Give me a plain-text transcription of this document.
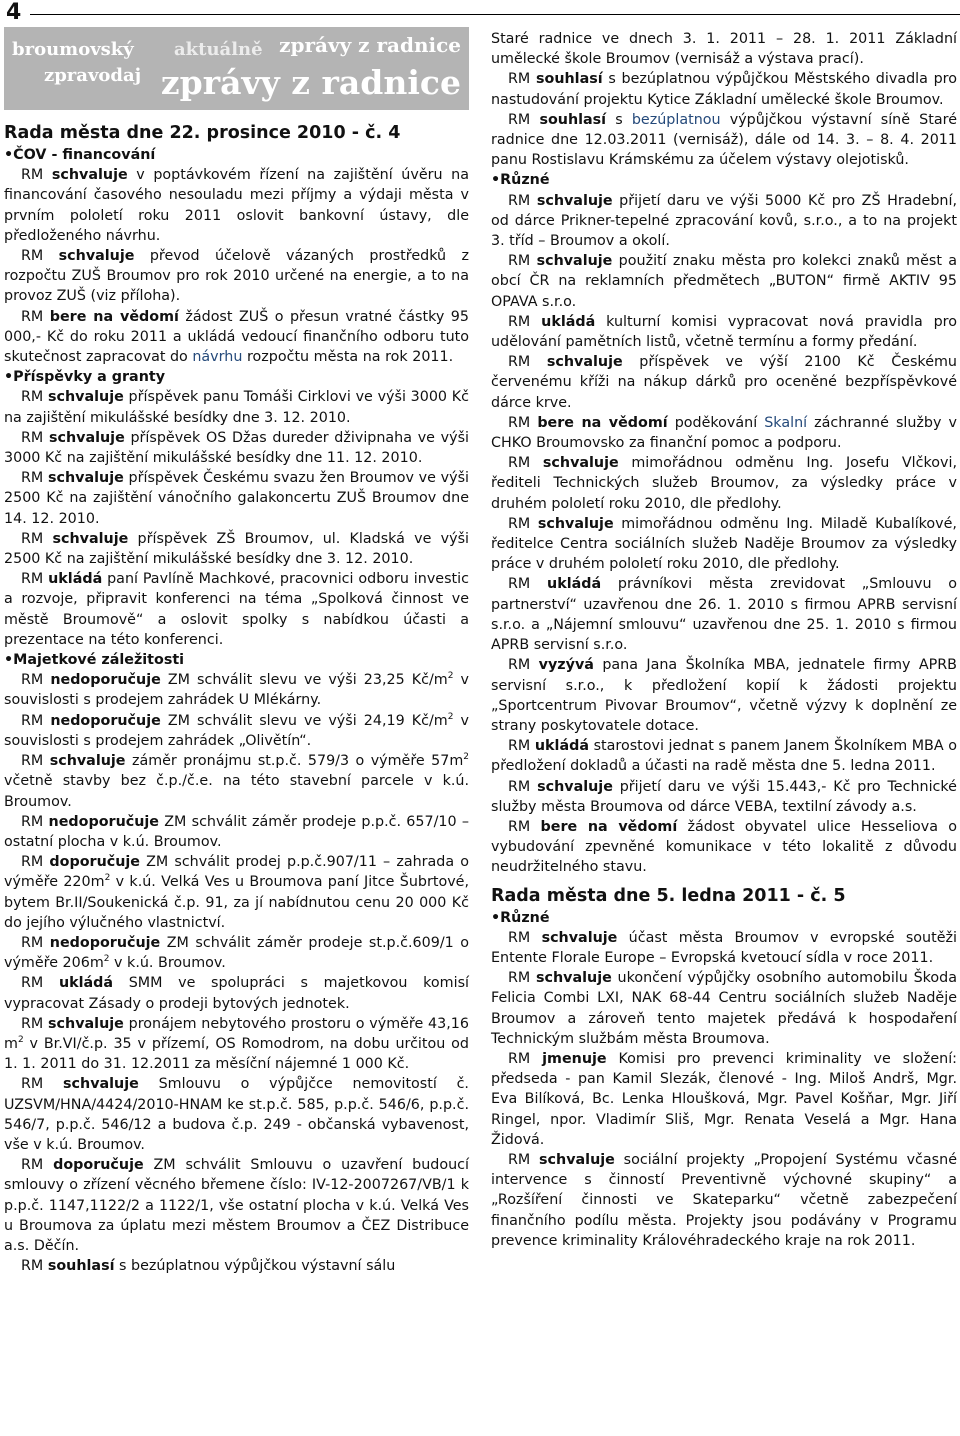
4
broumovský
zpravodaj
aktuálně zprávy z radnice
zprávy z radnice
Rada města dne 22. prosince 2010 - č. 4
•ČOV - financování

RM schvaluje v poptávkovém řízení na zajištění úvěru na financování časového nesouladu mezi příjmy a výdaji města v prvním pololetí roku 2011 oslovit bankovní ústavy, dle předloženého návrhu.

RM schvaluje převod účelově vázaných prostředků z rozpočtu ZUŠ Broumov pro rok 2010 určené na energie, a to na provoz ZUŠ (viz příloha).

RM bere na vědomí žádost ZUŠ o přesun vratné částky 95 000,- Kč do roku 2011 a ukládá vedoucí finančního odboru tuto skutečnost zapracovat do návrhu rozpočtu města na rok 2011.

•Příspěvky a granty

RM schvaluje příspěvek panu Tomáši Cirklovi ve výši 3000 Kč na zajištění mikulášské besídky dne 3. 12. 2010.

RM schvaluje příspěvek OS Džas dureder dživipnaha ve výši 3000 Kč na zajištění mikulášské besídky dne 11. 12. 2010.

RM schvaluje příspěvek Českému svazu žen Broumov ve výši 2500 Kč na zajištění vánočního galakoncertu ZUŠ Broumov dne 14. 12. 2010.

RM schvaluje příspěvek ZŠ Broumov, ul. Kladská ve výši 2500 Kč na zajištění mikulášské besídky dne 3. 12. 2010.

RM ukládá paní Pavlíně Machkové, pracovnici odboru investic a rozvoje, připravit konferenci na téma „Spolková činnost ve městě Broumově“ a oslovit spolky s nabídkou účasti a prezentace na této konferenci.

•Majetkové záležitosti

RM nedoporučuje ZM schválit slevu ve výši 23,25 $Kč/m^2$ v souvislosti s prodejem zahrádek U Mlékárny.

RM nedoporučuje ZM schválit slevu ve výši 24,19 $Kč/m^2$ v souvislosti s prodejem zahrádek „Olivětín“.

RM schvaluje záměr pronájmu st.p.č. 579/3 o výměře $57m^2$ včetně stavby bez č.p./č.e. na této stavební parcele v k.ú. Broumov.

RM nedoporučuje ZM schválit záměr prodeje p.p.č. 657/10 – ostatní plocha v k.ú. Broumov.

RM doporučuje ZM schválit prodej p.p.č.907/11 – zahrada o výměře $220m^2$ v k.ú. Velká Ves u Broumova paní Jitce Šubrtové, bytem Br.II/Soukenická č.p. 91, za jí nabídnutou cenu 20 000 Kč do jejího výlučného vlastnictví.

RM nedoporučuje ZM schválit záměr prodeje st.p.č.609/1 o výměře $206m^2$ v k.ú. Broumov.

RM ukládá SMM ve spolupráci s majetkovou komisí vypracovat Zásady o prodeji bytových jednotek.

RM schvaluje pronájem nebytového prostoru o výměře 43,16 $m^2$ v Br.VI/č.p. 35 v přízemí, OS Romodrom, na dobu určitou od 1. 1. 2011 do 31. 12.2011 za měsíční nájemné 1 000 Kč.

RM schvaluje Smlouvu o výpůjčce nemovitostí č. UZSVM/HNA/4424/2010-HNAM ke st.p.č. 585, p.p.č. 546/6, p.p.č. 546/7, p.p.č. 546/12 a budova č.p. 249 - občanská vybavenost, vše v k.ú. Broumov.

RM doporučuje ZM schválit Smlouvu o uzavření budoucí smlouvy o zřízení věcného břemene číslo: IV-12-2007267/VB/1 k p.p.č. 1147,1122/2 a 1122/1, vše ostatní plocha v k.ú. Velká Ves u Broumova za úplatu mezi městem Broumov a ČEZ Distribuce a.s. Děčín.

RM souhlasí s bezúplatnou výpůjčkou výstavní sálu

Staré radnice ve dnech 3. 1. 2011 – 28. 1. 2011 Základní umělecké škole Broumov (vernisáž a výstava prací).

RM souhlasí s bezúplatnou výpůjčkou Městského divadla pro nastudování projektu Kytice Základní umělecké škole Broumov.

RM souhlasí s bezúplatnou výpůjčkou výstavní síně Staré radnice dne 12.03.2011 (vernisáž), dále od 14. 3. – 8. 4. 2011 panu Rostislavu Krámskému za účelem výstavy olejotisků.

•Různé

RM schvaluje přijetí daru ve výši 5000 Kč pro ZŠ Hradební, od dárce Prikner-tepelné zpracování kovů, s.r.o., a to na projekt 3. tříd – Broumov a okolí.

RM schvaluje použití znaku města pro kolekci znaků měst a obcí ČR na reklamních předmětech „BUTON“ firmě AKTIV 95 OPAVA s.r.o.

RM ukládá kulturní komisi vypracovat nová pravidla pro udělování pamětních listů, včetně termínu a formy předání.

RM schvaluje příspěvek ve výší 2100 Kč Českému červenému kříži na nákup dárků pro oceněné bezpříspěvkové dárce krve.

RM bere na vědomí poděkování Skalní záchranné služby v CHKO Broumovsko za finanční pomoc a podporu.

RM schvaluje mimořádnou odměnu Ing. Josefu Vlčkovi, řediteli Technických služeb Broumov, za výsledky práce v druhém pololetí roku 2010, dle předlohy.

RM schvaluje mimořádnou odměnu Ing. Miladě Kubalíkové, ředitelce Centra sociálních služeb Naděje Broumov za výsledky práce v druhém pololetí roku 2010, dle předlohy.

RM ukládá právníkovi města zrevidovat „Smlouvu o partnerství“ uzavřenou dne 26. 1. 2010 s firmou APRB servisní s.r.o. a „Nájemní smlouvu“ uzavřenou dne 25. 1. 2010 s firmou APRB servisní s.r.o.

RM vyzývá pana Jana Školníka MBA, jednatele firmy APRB servisní s.r.o., k předložení kopií k žádosti projektu „Sportcentrum Pivovar Broumov“, včetně výzvy k doplnění ze strany poskytovatele dotace.

RM ukládá starostovi jednat s panem Janem Školníkem MBA o předložení dokladů a účasti na radě města dne 5. ledna 2011.

RM schvaluje přijetí daru ve výši 15.443,- Kč pro Technické služby města Broumova od dárce VEBA, textilní závody a.s.

RM bere na vědomí žádost obyvatel ulice Hesseliova o vybudování zpevněné komunikace v této lokalitě z důvodu neudržitelného stavu.

Rada města dne 5. ledna 2011 - č. 5
•Různé

RM schvaluje účast města Broumov v evropské soutěži Entente Florale Europe – Evropská kvetoucí sídla v roce 2011.

RM schvaluje ukončení výpůjčky osobního automobilu Škoda Felicia Combi LXI, NAK 68-44 Centru sociálních služeb Naděje Broumov a zároveň tento majetek předává k hospodaření Technickým službám města Broumova.

RM jmenuje Komisi pro prevenci kriminality ve složení: předseda - pan Kamil Slezák, členové - Ing. Miloš Andrš, Mgr. Eva Bilíková, Bc. Lenka Hloušková, Mgr. Pavel Košňar, Mgr. Jiří Ringel, npor. Vladimír Sliš, Mgr. Renata Veselá a Mgr. Hana Židová.

RM schvaluje sociální projekty „Propojení Systému včasné intervence s činností Preventivně výchovné skupiny“ a „Rozšíření činnosti ve Skateparku“ včetně zabezpečení finančního podílu města. Projekty jsou podávány v Programu prevence kriminality Královéhradeckého kraje na rok 2011.
